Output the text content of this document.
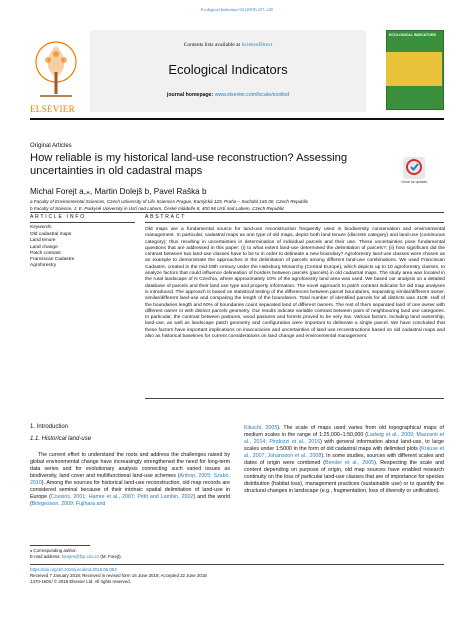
Ecological Indicators 94 (2018) 237–245
ELSEVIER
Contents lists available at ScienceDirect
Ecological Indicators
journal homepage: www.elsevier.com/locate/ecolind
ECOLOGICAL INDICATORS
Original Articles
How reliable is my historical land-use reconstruction? Assessing uncertainties in old cadastral maps
Check for updates
Michal Forejt a,⁎, Martin Dolejš b, Pavel Raška b
a Faculty of Environmental Sciences, Czech University of Life Sciences Prague, Kamýcká 129, Praha – Suchdol 165 00, Czech Republic
b Faculty of Science, J. E. Purkyně University in Ústí nad Labem, České mládeže 8, 400 96 Ústí nad Labem, Czech Republic
ARTICLE INFO	ABSTRACT
Keywords:
Old cadastral maps
Land tenure
Land change
Patch contrast
Franciscan Cadastre
Agroforestry
Old maps are a fundamental source for land-use reconstruction frequently used in biodiversity conservation and environmental management. In particular, cadastral maps as one type of old maps, depict both land tenure (discrete category) and land-use (continuous category); thus resulting in uncertainties in determination of individual parcels and their use. These uncertainties pose fundamental questions that are addressed in this paper: (i) to what extent land-use determined the delimitation of parcels?; (ii) how significant did the contrast between two land-use classes have to be to in order to delineate a new boundary? Agroforestry land-use classes were chosen as an example to demonstrate the approaches in the delimitation of parcels among different land-use combinations. We used Franciscan Cadastre, created in the mid-19th century under the Habsburg Monarchy (Central Europe), which depicts up to 10 agroforestry classes, to analyze factors that could influence delineation of borders between parcels (parcels) in old cadastral maps. The study area was located in the rural landscape of N Czechia, where approximately 10% of the agroforestry land area was used. We based our analysis on a detailed database of parcels and their land use type and property information. The novel approach to patch contrast indicator for old map analyses is introduced. The approach is based on statistical testing of the differences between parcel boundaries, separating similar/different owner, similar/different land-use and comparing the length of the boundaries. Total number of identified parcels for all districts was 4108. Half of the boundaries length and 60% of boundaries count separated land of different owners. The rest of them separated land of one owner with different owner or with distinct parcels geometry. Our results indicate variable contrast between pairs of neighbouring land use categories. In particular, the contrast between pastures, wood pastures and forests proved to be very low. Various factors, including land ownership, land-use, as well as landscape patch geometry and configuration were important to delineate a single parcel. We have concluded that these factors have important implications on inaccuracies and uncertainties of land use reconstructions based on old cadastral maps and also as historical baselines for current considerations on land change and environmental management.
1. Introduction
1.1. Historical land-use
The current effort to understand the roots and address the challenges raised by global environmental change have increasingly strengthened the need for long-term data series and for evolutionary analysis connecting such varied issues as biodiversity, land cover and multifunctional land-use schemes (Antrop, 2005; Szabó, 2010). Among the sources for historical land-use reconstruction, old map records are considered seminal because of their intrinsic spatial delimitation of land-use in Europe (Cousins, 2001; Hamre et al., 2007; Petit and Lambin, 2002) and the world (Biörgesson, 2009; Fujihara and
Kikuchi, 2005). The scale of maps used varies from old topographical maps of medium scales in the range of 1:25,000–1:50,000 (Ladwig et al., 2009; Mazzanti et al., 2014; Pindozzi et al., 2016) with general information about land-use, to large scales under 1:5000 in the form of old cadastral maps with delimited plots (Krause et al., 2007; Johansson et al., 2008). In some studies, sources with different scales and dates of origin were combined (Bender et al., 2005). Respecting the scale and content depending on purpose of origin, old map sources have enabled research continuity on the loss of particular land-use classes that are of importance for species distribution (habitat loss), management practices (sustainable use) or to quantify the structural changes in landscape (e.g., fragmentation, loss of diversity or unification).
⁎ Corresponding author.
E-mail address: forejtm@fzp.czu.cz (M. Forejt).
https://doi.org/10.1016/j.ecolind.2018.06.053
Received 7 January 2018; Received in revised form 16 June 2018; Accepted 22 June 2018
1470-160X/ © 2018 Elsevier Ltd. All rights reserved.
